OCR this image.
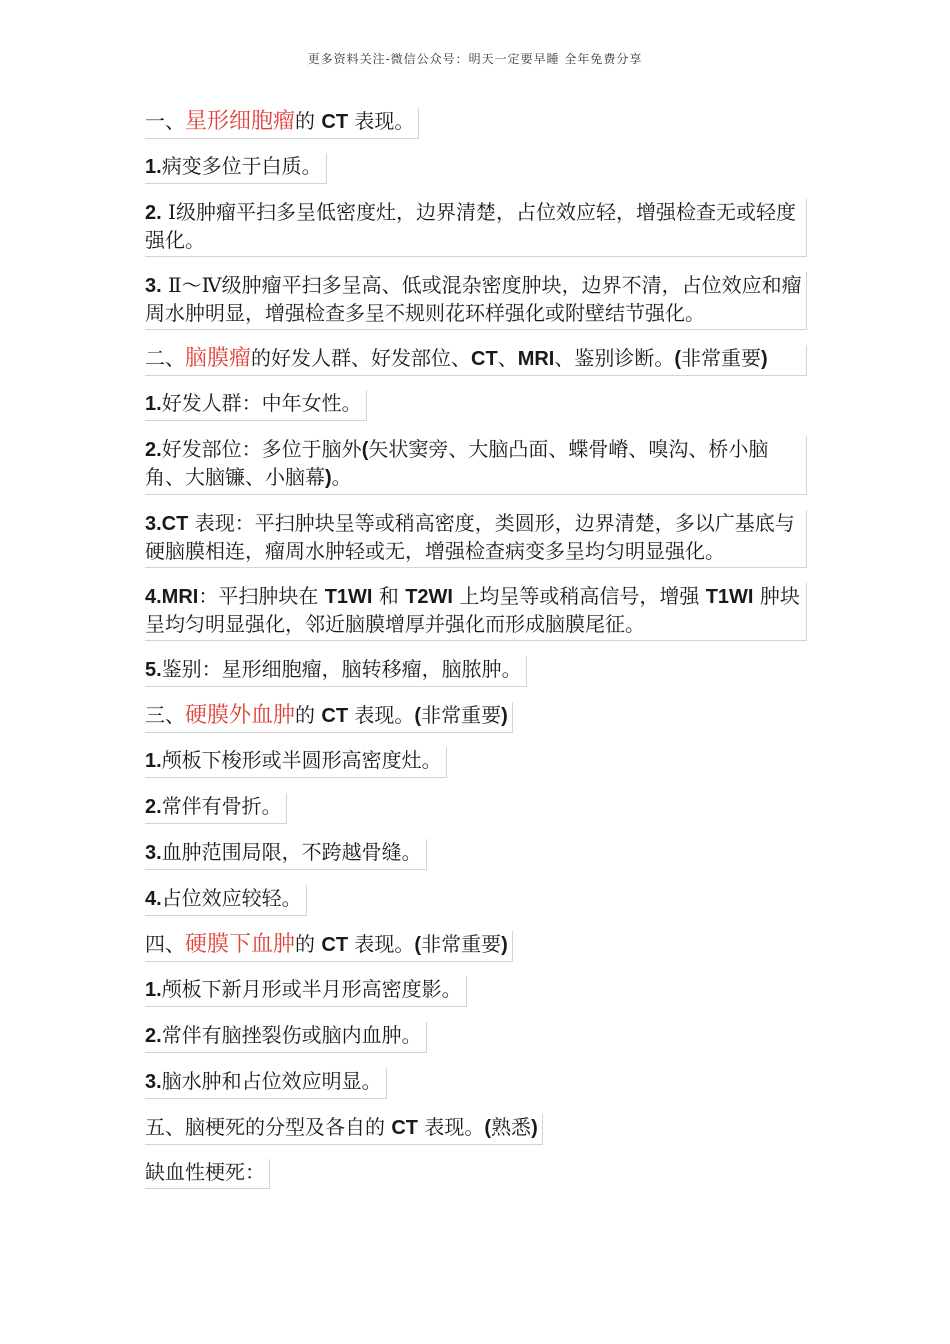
更多资料关注-微信公众号：明天一定要早睡 全年免费分享
一、星形细胞瘤的 CT 表现。
1.病变多位于白质。
2. Ⅰ级肿瘤平扫多呈低密度灶，边界清楚，占位效应轻，增强检查无或轻度强化。
3. Ⅱ～Ⅳ级肿瘤平扫多呈高、低或混杂密度肿块，边界不清，占位效应和瘤周水肿明显，增强检查多呈不规则花环样强化或附壁结节强化。
二、脑膜瘤的好发人群、好发部位、CT、MRI、鉴别诊断。(非常重要)
1.好发人群：中年女性。
2.好发部位：多位于脑外(矢状窦旁、大脑凸面、蝶骨嵴、嗅沟、桥小脑角、大脑镰、小脑幕)。
3.CT 表现：平扫肿块呈等或稍高密度，类圆形，边界清楚，多以广基底与硬脑膜相连，瘤周水肿轻或无，增强检查病变多呈均匀明显强化。
4.MRI：平扫肿块在 T1WI 和 T2WI 上均呈等或稍高信号，增强 T1WI 肿块呈均匀明显强化，邻近脑膜增厚并强化而形成脑膜尾征。
5.鉴别：星形细胞瘤，脑转移瘤，脑脓肿。
三、硬膜外血肿的 CT 表现。(非常重要)
1.颅板下梭形或半圆形高密度灶。
2.常伴有骨折。
3.血肿范围局限，不跨越骨缝。
4.占位效应较轻。
四、硬膜下血肿的 CT 表现。(非常重要)
1.颅板下新月形或半月形高密度影。
2.常伴有脑挫裂伤或脑内血肿。
3.脑水肿和占位效应明显。
五、脑梗死的分型及各自的 CT 表现。(熟悉)
缺血性梗死：
